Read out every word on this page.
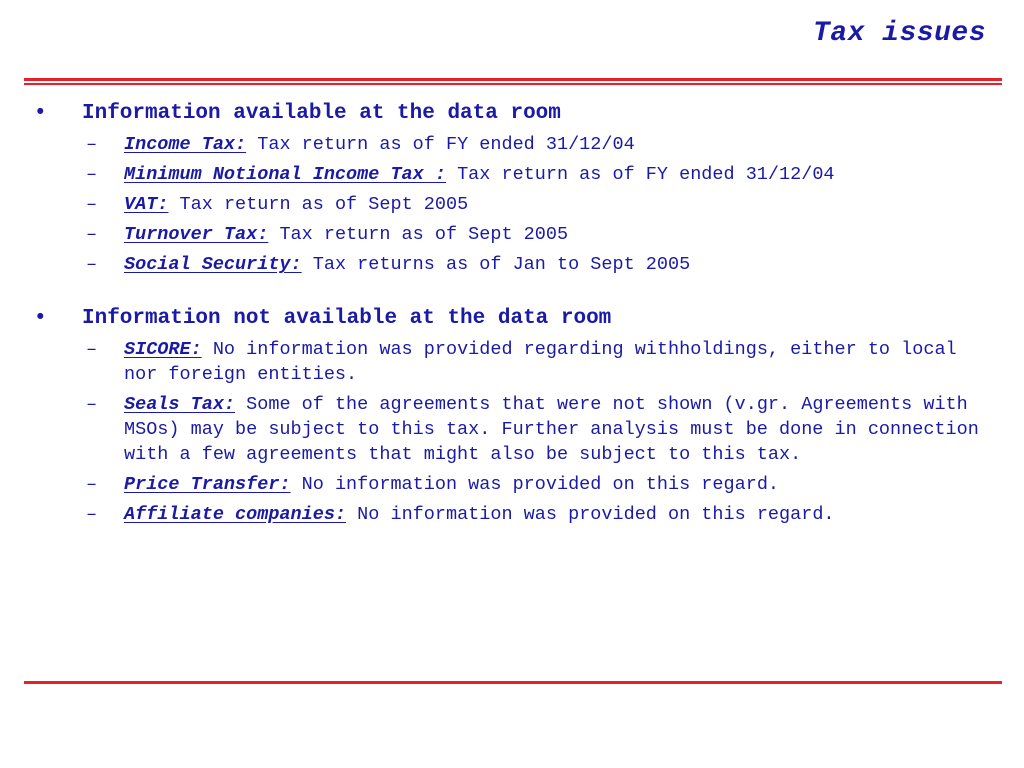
Tax issues
•	Information available at the data room
–	Income Tax: Tax return as of FY ended 31/12/04
–	Minimum Notional Income Tax : Tax return as of FY ended 31/12/04
–	VAT: Tax return as of Sept 2005
–	Turnover Tax: Tax return as of Sept 2005
–	Social Security: Tax returns as of Jan to Sept 2005
•	Information not available at the data room
–	SICORE: No information was provided regarding withholdings, either to local nor foreign entities.
–	Seals Tax: Some of the agreements that were not shown (v.gr. Agreements with MSOs) may be subject to this tax. Further analysis must be done in connection with a few agreements that might also be subject to this tax.
–	Price Transfer: No information was provided on this regard.
–	Affiliate companies: No information was provided on this regard.
